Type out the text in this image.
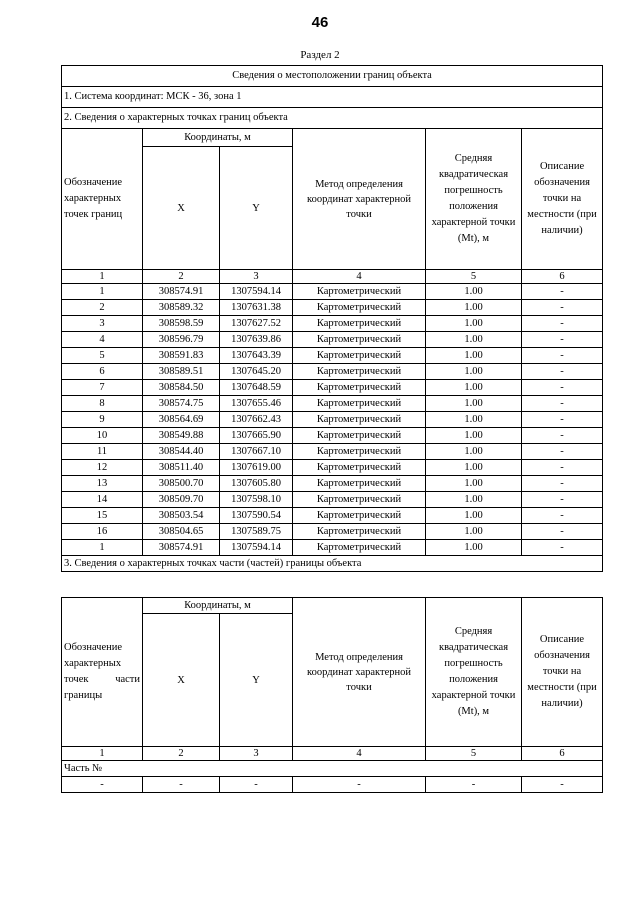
46
Раздел 2
Сведения о местоположении границ объекта					
1. Система координат: МСК - 36, зона 1					
2. Сведения о характерных точках границ объекта					
Обозначение характерных точек границ	Координаты, м		Метод определения координат характерной точки	Средняя квадратическая погрешность положения характерной точки (Mt), м	Описание обозначения точки на местности (при наличии)
	X	Y			
1	2	3	4	5	6
1	308574.91	1307594.14	Картометрический	1.00	-
2	308589.32	1307631.38	Картометрический	1.00	-
3	308598.59	1307627.52	Картометрический	1.00	-
4	308596.79	1307639.86	Картометрический	1.00	-
5	308591.83	1307643.39	Картометрический	1.00	-
6	308589.51	1307645.20	Картометрический	1.00	-
7	308584.50	1307648.59	Картометрический	1.00	-
8	308574.75	1307655.46	Картометрический	1.00	-
9	308564.69	1307662.43	Картометрический	1.00	-
10	308549.88	1307665.90	Картометрический	1.00	-
11	308544.40	1307667.10	Картометрический	1.00	-
12	308511.40	1307619.00	Картометрический	1.00	-
13	308500.70	1307605.80	Картометрический	1.00	-
14	308509.70	1307598.10	Картометрический	1.00	-
15	308503.54	1307590.54	Картометрический	1.00	-
16	308504.65	1307589.75	Картометрический	1.00	-
1	308574.91	1307594.14	Картометрический	1.00	-
3. Сведения о характерных точках части (частей) границы объекта					
Обозначение характерных точек части границы	Координаты, м		Метод определения координат характерной точки	Средняя квадратическая погрешность положения характерной точки (Mt), м	Описание обозначения точки на местности (при наличии)
	X	Y			
1	2	3	4	5	6
Часть №					
-	-	-	-	-	-
